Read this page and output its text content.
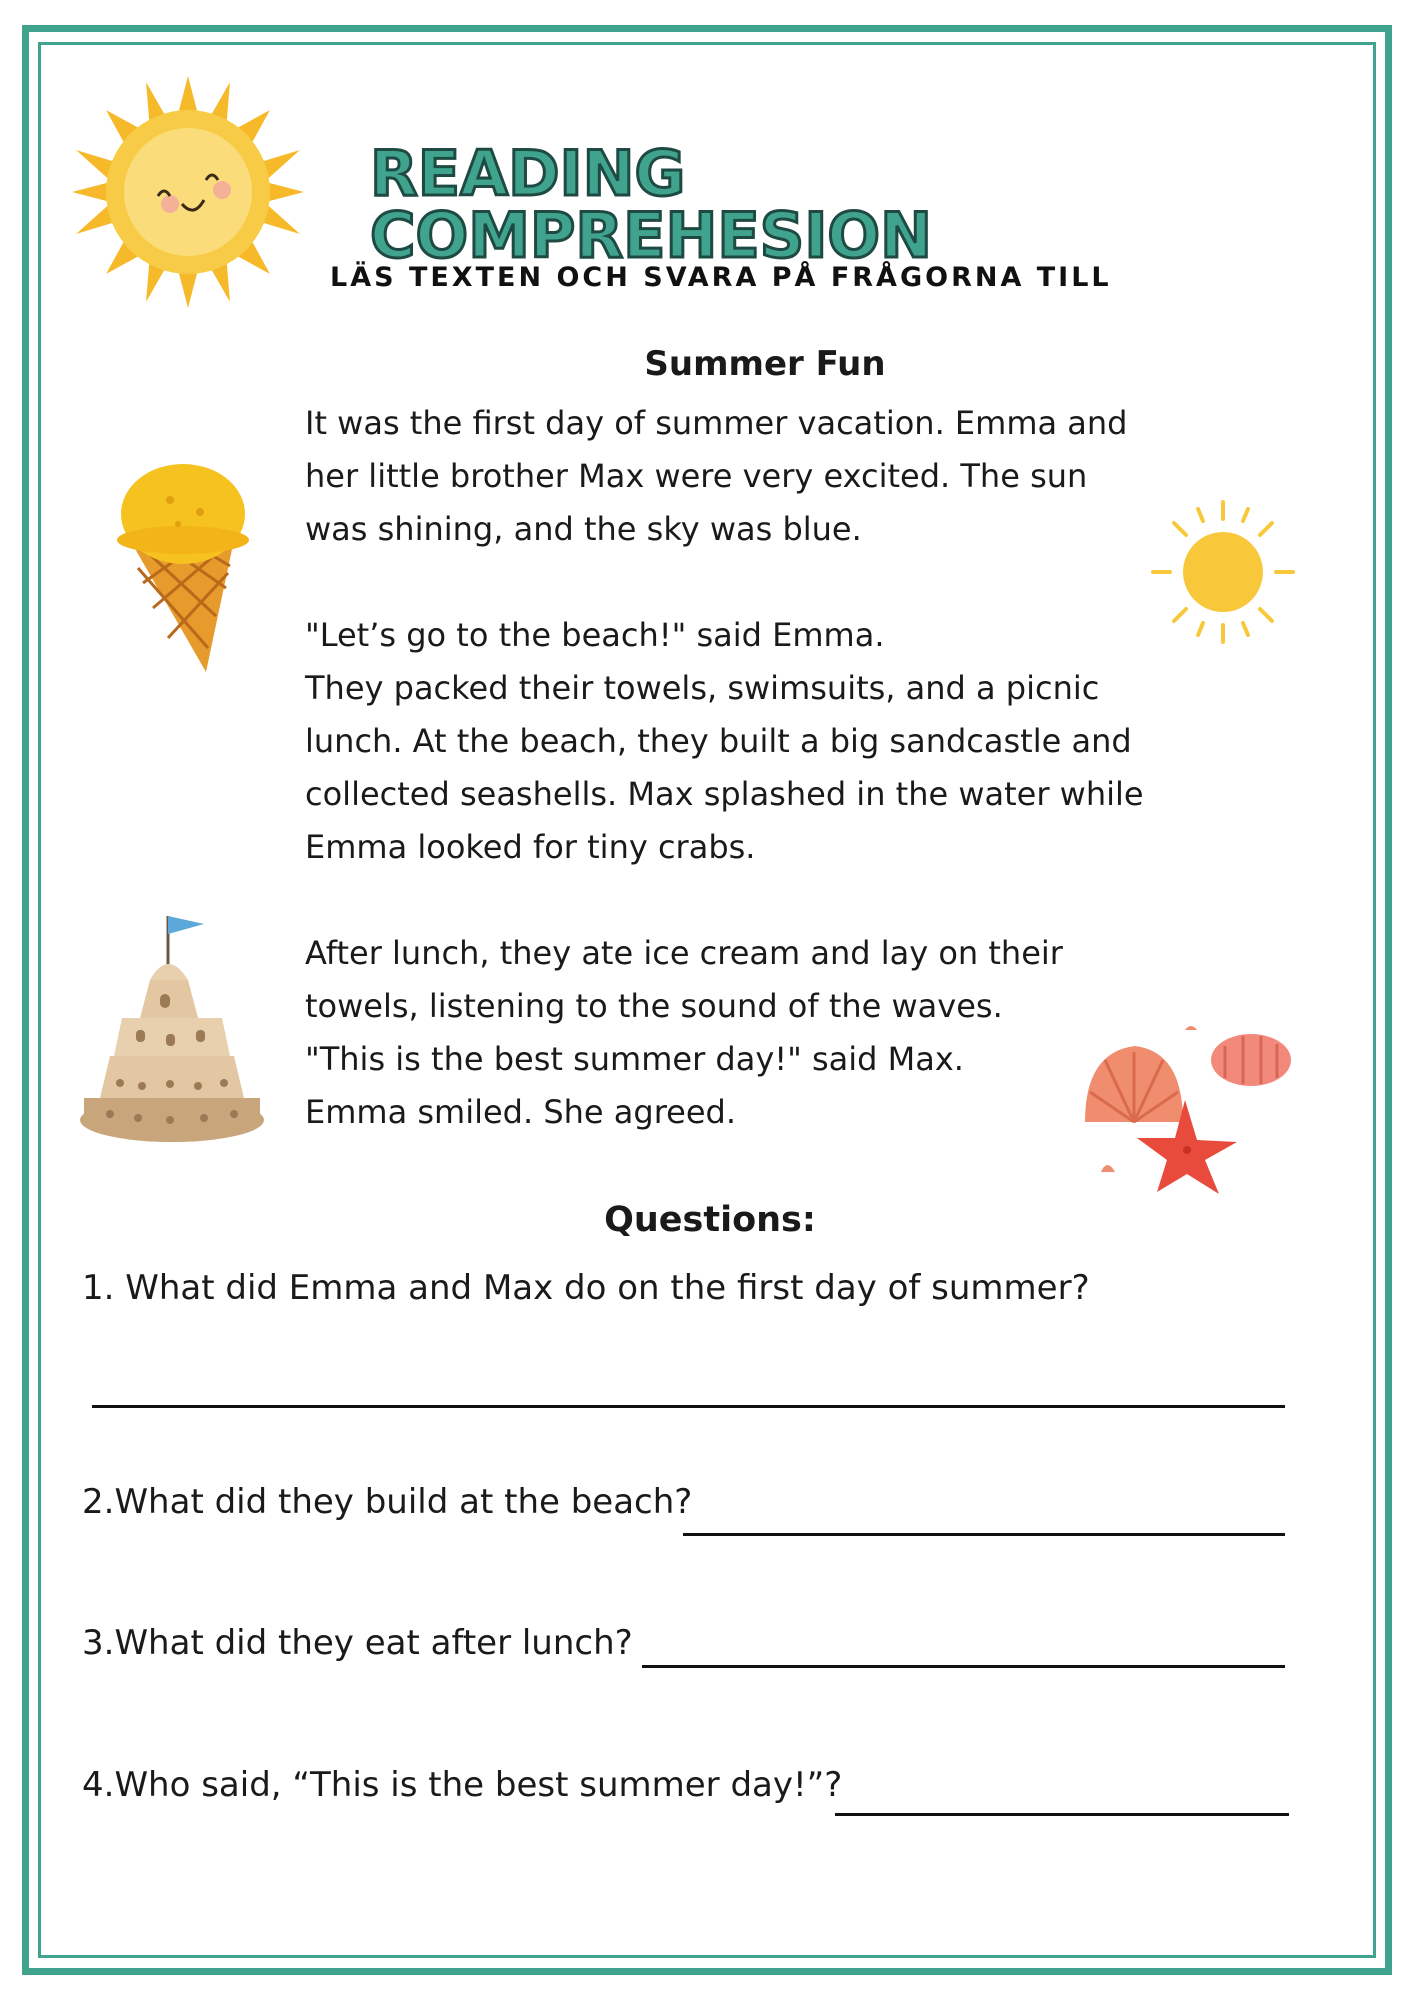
READING COMPREHESION
LÄS TEXTEN OCH SVARA PÅ FRÅGORNA TILL
Summer Fun

It was the first day of summer vacation. Emma and
her little brother Max were very excited. The sun
was shining, and the sky was blue.

"Let’s go to the beach!" said Emma.
They packed their towels, swimsuits, and a picnic
lunch. At the beach, they built a big sandcastle and
collected seashells. Max splashed in the water while
Emma looked for tiny crabs.

After lunch, they ate ice cream and lay on their
towels, listening to the sound of the waves.
"This is the best summer day!" said Max.
Emma smiled. She agreed.

Questions:
1. What did Emma and Max do on the first day of summer?
2.What did they build at the beach?
3.What did they eat after lunch?
4.Who said, “This is the best summer day!”?
